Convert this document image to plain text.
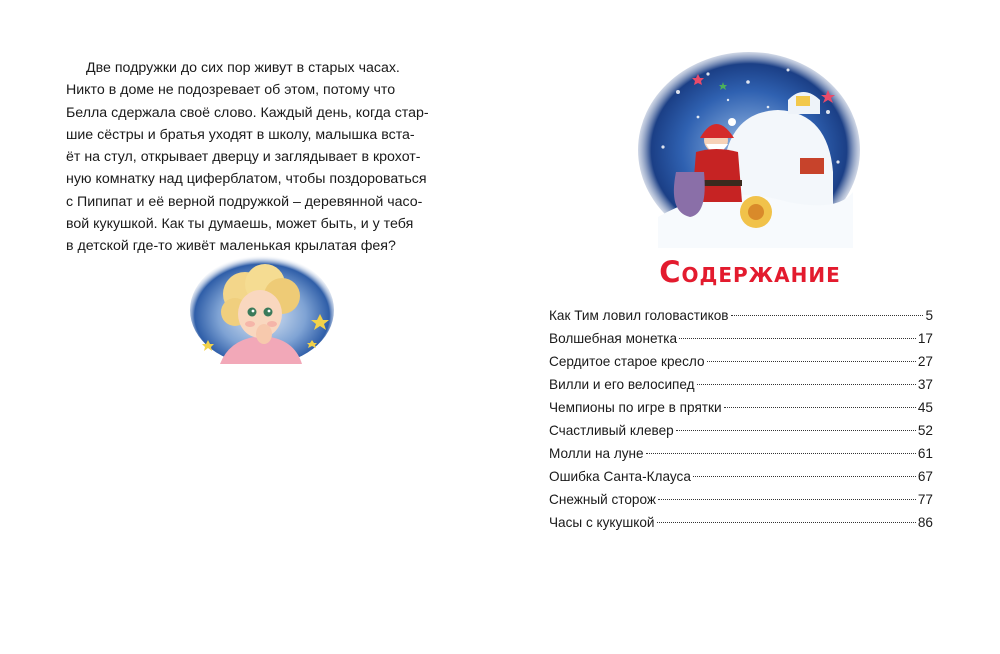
Две подружки до сих пор живут в старых часах.

Никто в доме не подозревает об этом, потому что

Белла сдержала своё слово. Каждый день, когда стар-

шие сёстры и братья уходят в школу, малышка вста-

ёт на стул, открывает дверцу и заглядывает в крохот-

ную комнатку над циферблатом, чтобы поздороваться

с Пипипат и её верной подружкой – деревянной часо-

вой кукушкой. Как ты думаешь, может быть, и у тебя

в детской где-то живёт маленькая крылатая фея?

Содержание
Как Тим ловил головастиков	5
Волшебная монетка	17
Сердитое старое кресло	27
Вилли и его велосипед	37
Чемпионы по игре в прятки	45
Счастливый клевер	52
Молли на луне	61
Ошибка Санта-Клауса	67
Снежный сторож	77
Часы с кукушкой	86
